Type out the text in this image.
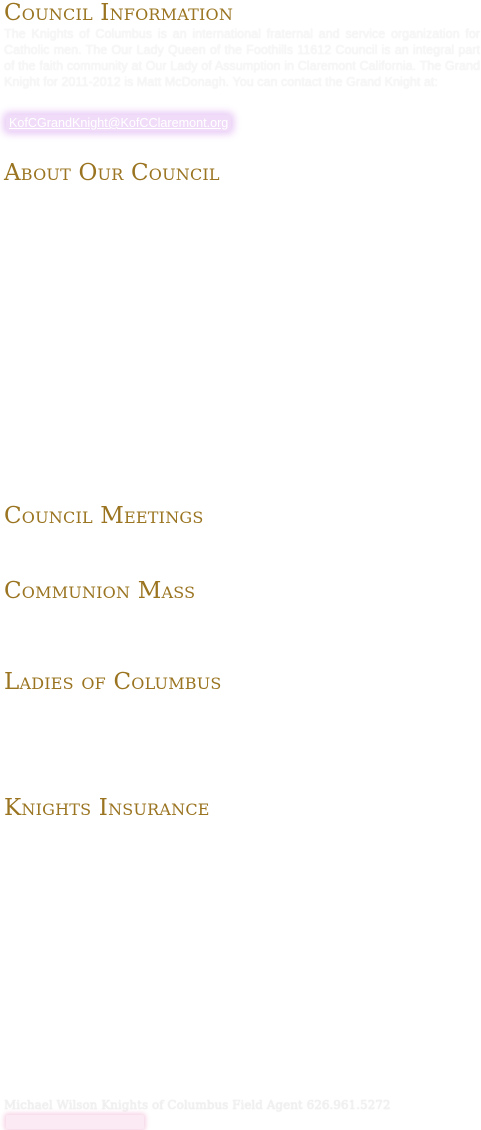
Council Information

The Knights of Columbus is an international fraternal and service organization for Catholic men. The Our Lady Queen of the Foothills 11612 Council is an integral part of the faith community at Our Lady of Assumption in Claremont California. The Grand Knight for 2011-2012 is Matt McDonagh. You can contact the Grand Knight at:

KofCGrandKnight@KofCClaremont.org
About Our Council
Council Meetings
Communion Mass
Ladies of Columbus
Knights Insurance
Michael Wilson Knights of Columbus Field Agent 626.961.5272
